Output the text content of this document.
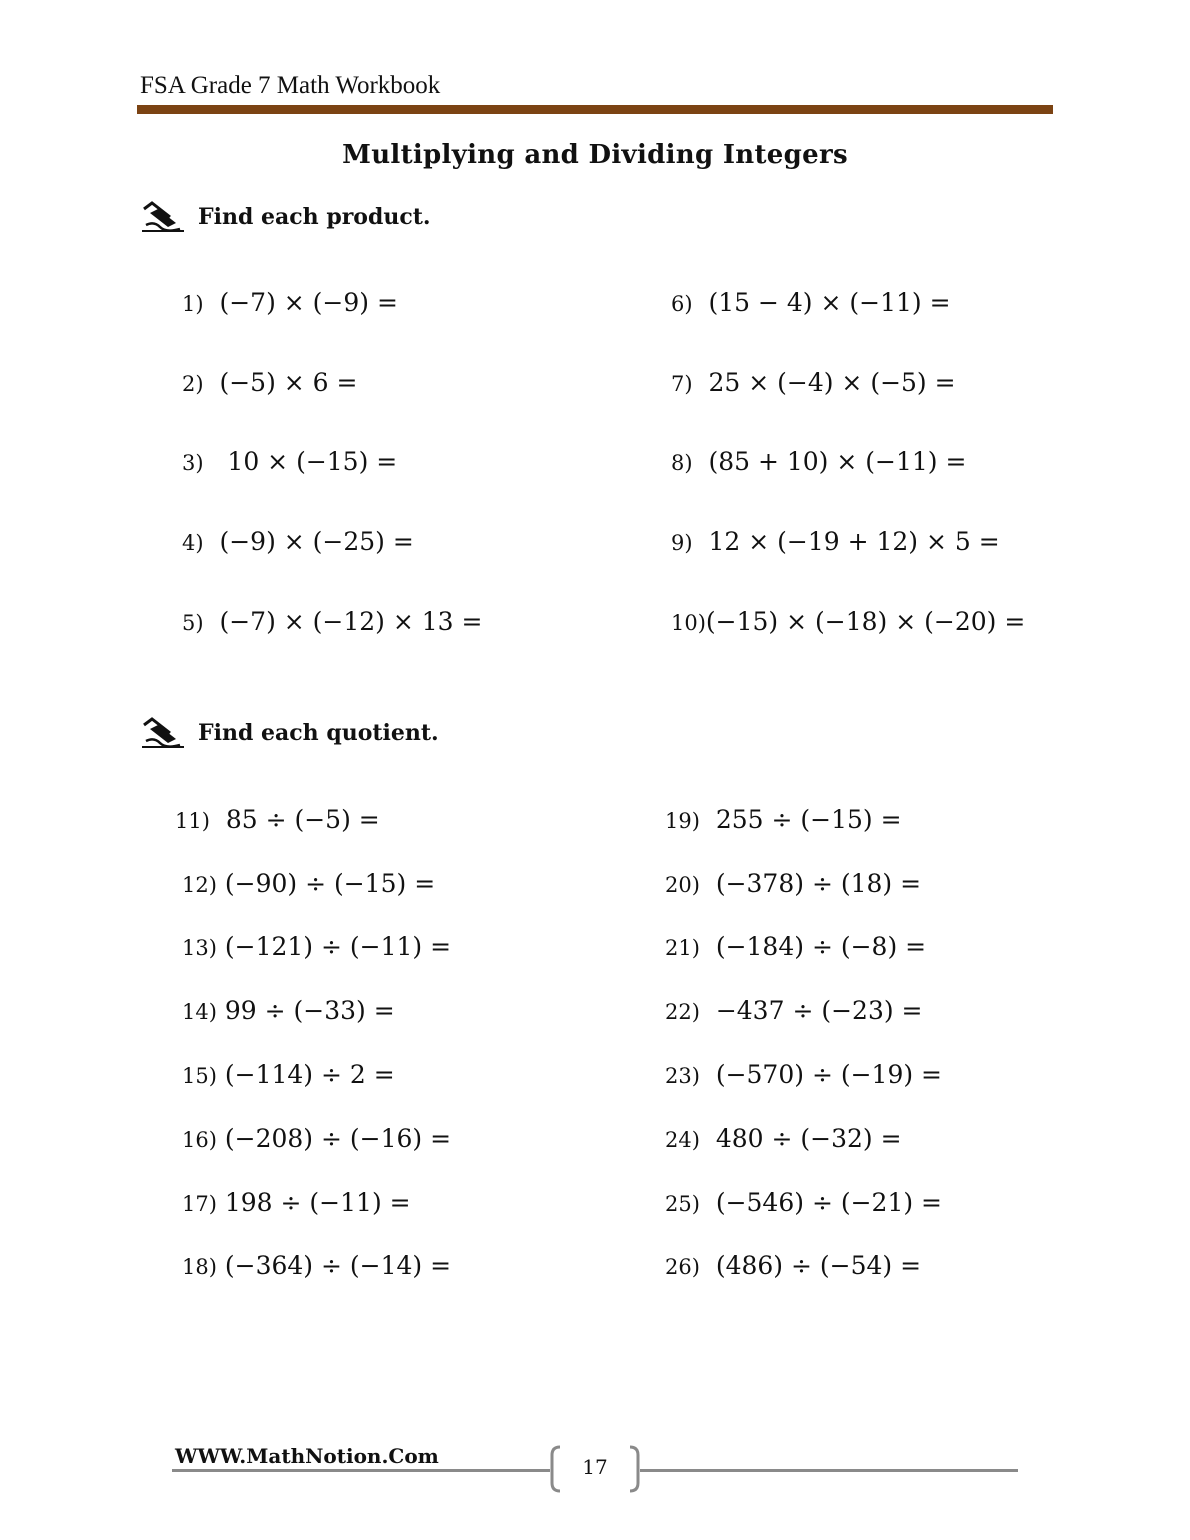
FSA Grade 7 Math Workbook
Multiplying and Dividing Integers
Find each product.
1) (−7) × (−9) =
2) (−5) × 6 =
3)   10 × (−15) =
4) (−9) × (−25) =
5) (−7) × (−12) × 13 =
6) (15 − 4) × (−11) =
7) 25 × (−4) × (−5) =
8) (85 + 10) × (−11) =
9) 12 × (−19 + 12) × 5 =
10)(−15) × (−18) × (−20) =
Find each quotient.
11) 85 ÷ (−5) =
12) (−90) ÷ (−15) =
13) (−121) ÷ (−11) =
14) 99 ÷ (−33) =
15) (−114) ÷ 2 =
16) (−208) ÷ (−16) =
17) 198 ÷ (−11) =
18) (−364) ÷ (−14) =
19) 255 ÷ (−15) =
20) (−378) ÷ (18) =
21) (−184) ÷ (−8) =
22) −437 ÷ (−23) =
23) (−570) ÷ (−19) =
24) 480 ÷ (−32) =
25) (−546) ÷ (−21) =
26) (486) ÷ (−54) =
WWW.MathNotion.Com	17
